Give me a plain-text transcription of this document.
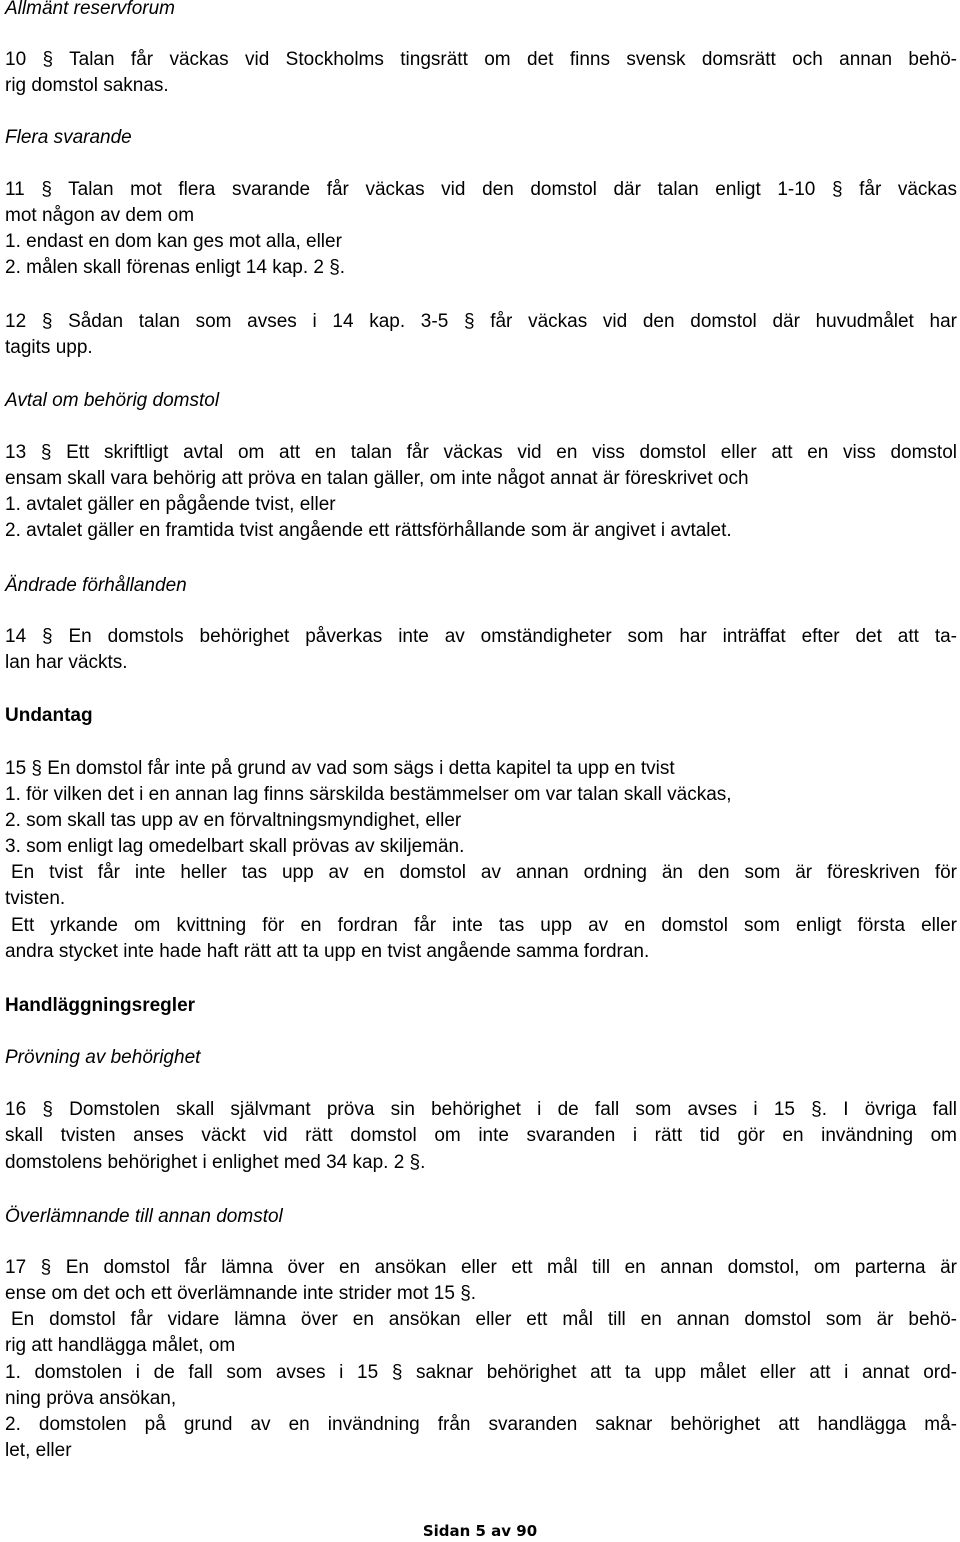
Allmänt reservforum

10 § Talan får väckas vid Stockholms tingsrätt om det finns svensk domsrätt och annan behö-

rig domstol saknas.

Flera svarande

11 § Talan mot flera svarande får väckas vid den domstol där talan enligt 1-10 § får väckas

mot någon av dem om

1. endast en dom kan ges mot alla, eller

2. målen skall förenas enligt 14 kap. 2 §.

12 § Sådan talan som avses i 14 kap. 3-5 § får väckas vid den domstol där huvudmålet har

tagits upp.

Avtal om behörig domstol

13 § Ett skriftligt avtal om att en talan får väckas vid en viss domstol eller att en viss domstol

ensam skall vara behörig att pröva en talan gäller, om inte något annat är föreskrivet och

1. avtalet gäller en pågående tvist, eller

2. avtalet gäller en framtida tvist angående ett rättsförhållande som är angivet i avtalet.

Ändrade förhållanden

14 § En domstols behörighet påverkas inte av omständigheter som har inträffat efter det att ta-

lan har väckts.

Undantag

15 § En domstol får inte på grund av vad som sägs i detta kapitel ta upp en tvist

1. för vilken det i en annan lag finns särskilda bestämmelser om var talan skall väckas,

2. som skall tas upp av en förvaltningsmyndighet, eller

3. som enligt lag omedelbart skall prövas av skiljemän.

En tvist får inte heller tas upp av en domstol av annan ordning än den som är föreskriven för

tvisten.

Ett yrkande om kvittning för en fordran får inte tas upp av en domstol som enligt första eller

andra stycket inte hade haft rätt att ta upp en tvist angående samma fordran.

Handläggningsregler

Prövning av behörighet

16 § Domstolen skall självmant pröva sin behörighet i de fall som avses i 15 §. I övriga fall

skall tvisten anses väckt vid rätt domstol om inte svaranden i rätt tid gör en invändning om

domstolens behörighet i enlighet med 34 kap. 2 §.

Överlämnande till annan domstol

17 § En domstol får lämna över en ansökan eller ett mål till en annan domstol, om parterna är

ense om det och ett överlämnande inte strider mot 15 §.

En domstol får vidare lämna över en ansökan eller ett mål till en annan domstol som är behö-

rig att handlägga målet, om

1. domstolen i de fall som avses i 15 § saknar behörighet att ta upp målet eller att i annat ord-

ning pröva ansökan,

2. domstolen på grund av en invändning från svaranden saknar behörighet att handlägga må-

let, eller

Sidan 5 av 90
